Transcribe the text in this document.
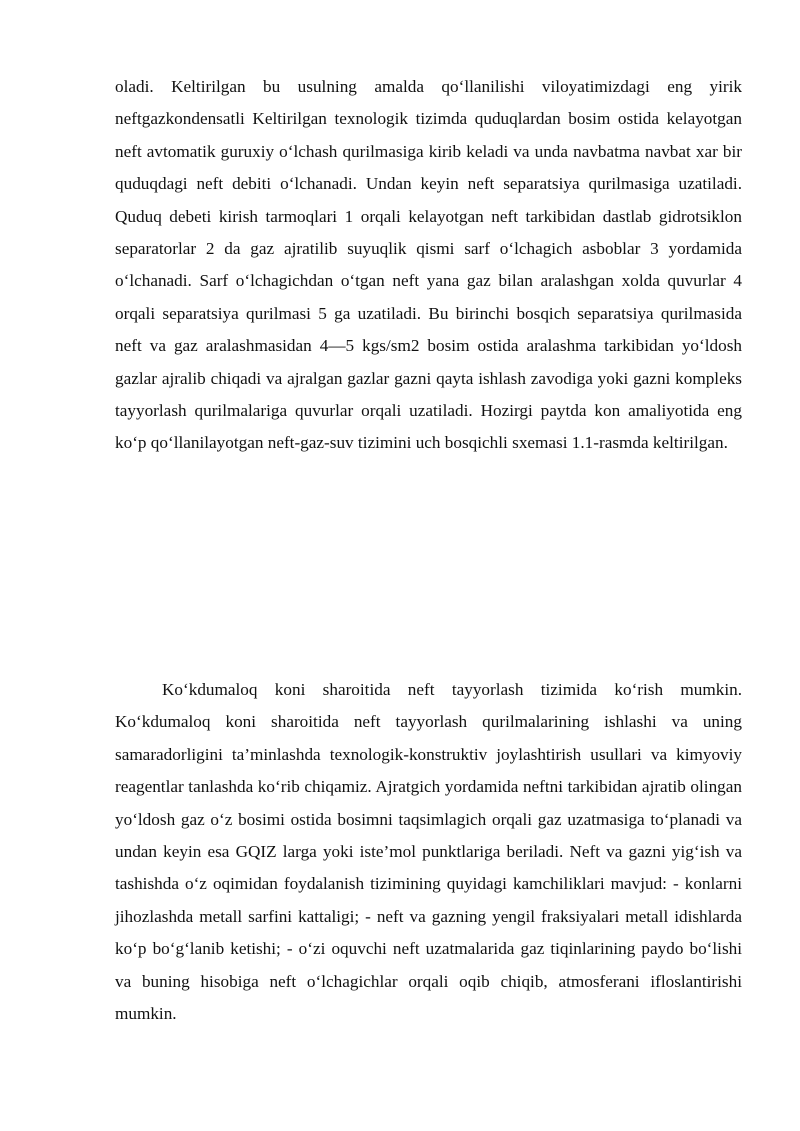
oladi. Keltirilgan bu usulning amalda qo‘llanilishi viloyatimizdagi eng yirik neftgazkondensatli Keltirilgan texnologik tizimda quduqlardan bosim ostida kelayotgan neft avtomatik guruxiy o‘lchash qurilmasiga kirib keladi va unda navbatma navbat xar bir quduqdagi neft debiti o‘lchanadi. Undan keyin neft separatsiya qurilmasiga uzatiladi. Quduq debeti kirish tarmoqlari 1 orqali kelayotgan neft tarkibidan dastlab gidrotsiklon separatorlar 2 da gaz ajratilib suyuqlik qismi sarf o‘lchagich asboblar 3 yordamida o‘lchanadi. Sarf o‘lchagichdan o‘tgan neft yana gaz bilan aralashgan xolda quvurlar 4 orqali separatsiya qurilmasi 5 ga uzatiladi. Bu birinchi bosqich separatsiya qurilmasida neft va gaz aralashmasidan 4—5 kgs/sm2 bosim ostida aralashma tarkibidan yo‘ldosh gazlar ajralib chiqadi va ajralgan gazlar gazni qayta ishlash zavodiga yoki gazni kompleks tayyorlash qurilmalariga quvurlar orqali uzatiladi. Hozirgi paytda kon amaliyotida eng ko‘p qo‘llanilayotgan neft-gaz-suv tizimini uch bosqichli sxemasi 1.1-rasmda keltirilgan.

Ko‘kdumaloq koni sharoitida neft tayyorlash tizimida ko‘rish mumkin. Ko‘kdumaloq koni sharoitida neft tayyorlash qurilmalarining ishlashi va uning samaradorligini ta’minlashda texnologik-konstruktiv joylashtirish usullari va kimyoviy reagentlar tanlashda ko‘rib chiqamiz. Ajratgich yordamida neftni tarkibidan ajratib olingan yo‘ldosh gaz o‘z bosimi ostida bosimni taqsimlagich orqali gaz uzatmasiga to‘planadi va undan keyin esa GQIZ larga yoki iste’mol punktlariga beriladi. Neft va gazni yig‘ish va tashishda o‘z oqimidan foydalanish tizimining quyidagi kamchiliklari mavjud: - konlarni jihozlashda metall sarfini kattaligi; - neft va gazning yengil fraksiyalari metall idishlarda ko‘p bo‘g‘lanib ketishi; - o‘zi oquvchi neft uzatmalarida gaz tiqinlarining paydo bo‘lishi va buning hisobiga neft o‘lchagichlar orqali oqib chiqib, atmosferani ifloslantirishi mumkin.
